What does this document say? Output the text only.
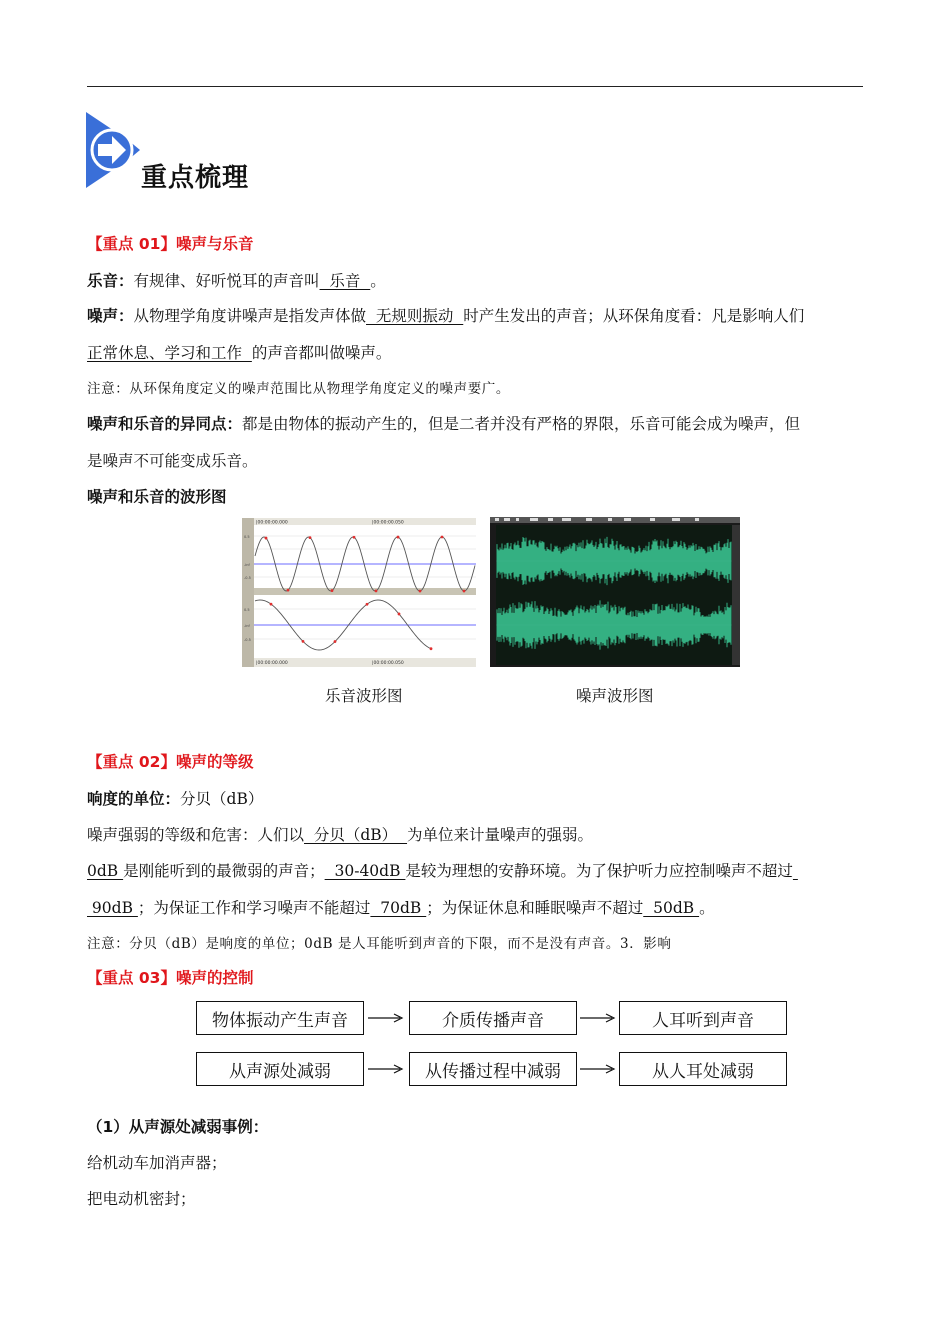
重点梳理
【重点 01】噪声与乐音
乐音：有规律、好听悦耳的声音叫  乐音  。
噪声：从物理学角度讲噪声是指发声体做  无规则振动  时产生发出的声音；从环保角度看：凡是影响人们
正常休息、学习和工作  的声音都叫做噪声。
注意：从环保角度定义的噪声范围比从物理学角度定义的噪声要广。
噪声和乐音的异同点：都是由物体的振动产生的，但是二者并没有严格的界限，乐音可能会成为噪声，但
是噪声不可能变成乐音。
噪声和乐音的波形图
|00:00:00.000	|00:00:00.050
|00:00:00.000	|00:00:00.050
0.5
-inf
-0.5
0.5
-inf
-0.5
乐音波形图	噪声波形图
【重点 02】噪声的等级
响度的单位：分贝（dB）
噪声强弱的等级和危害：人们以  分贝（dB）  为单位来计量噪声的强弱。
0dB 是刚能听到的最微弱的声音；  30-40dB 是较为理想的安静环境。为了保护听力应控制噪声不超过
90dB ；为保证工作和学习噪声不能超过  70dB ；为保证休息和睡眠噪声不超过  50dB 。
注意：分贝（dB）是响度的单位；0dB 是人耳能听到声音的下限，而不是没有声音。3．影响
【重点 03】噪声的控制
物体振动产生声音	介质传播声音	人耳听到声音
从声源处减弱	从传播过程中减弱	从人耳处减弱
（1）从声源处减弱事例：
给机动车加消声器；
把电动机密封；
